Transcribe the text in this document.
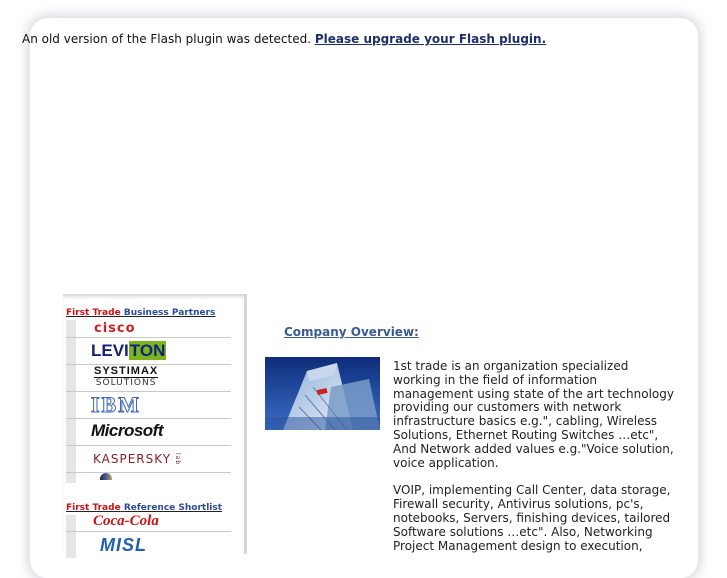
An old version of the Flash plugin was detected. Please upgrade your Flash plugin.
First Trade Business Partners
cisco
LEVITON
SYSTIMAX
SOLUTIONS
IBM
Microsoft
KASPERSKY lab
First Trade Reference Shortlist
Coca-Cola
MISL
Company Overview:

1st trade is an organization specialized working in the field of information management using state of the art technology providing our customers with network infrastructure basics e.g.", cabling, Wireless Solutions, Ethernet Routing Switches …etc", And Network added values e.g."Voice solution, voice application.

VOIP, implementing Call Center, data storage, Firewall security, Antivirus solutions, pc's, notebooks, Servers, finishing devices, tailored Software solutions …etc". Also, Networking Project Management design to execution,
